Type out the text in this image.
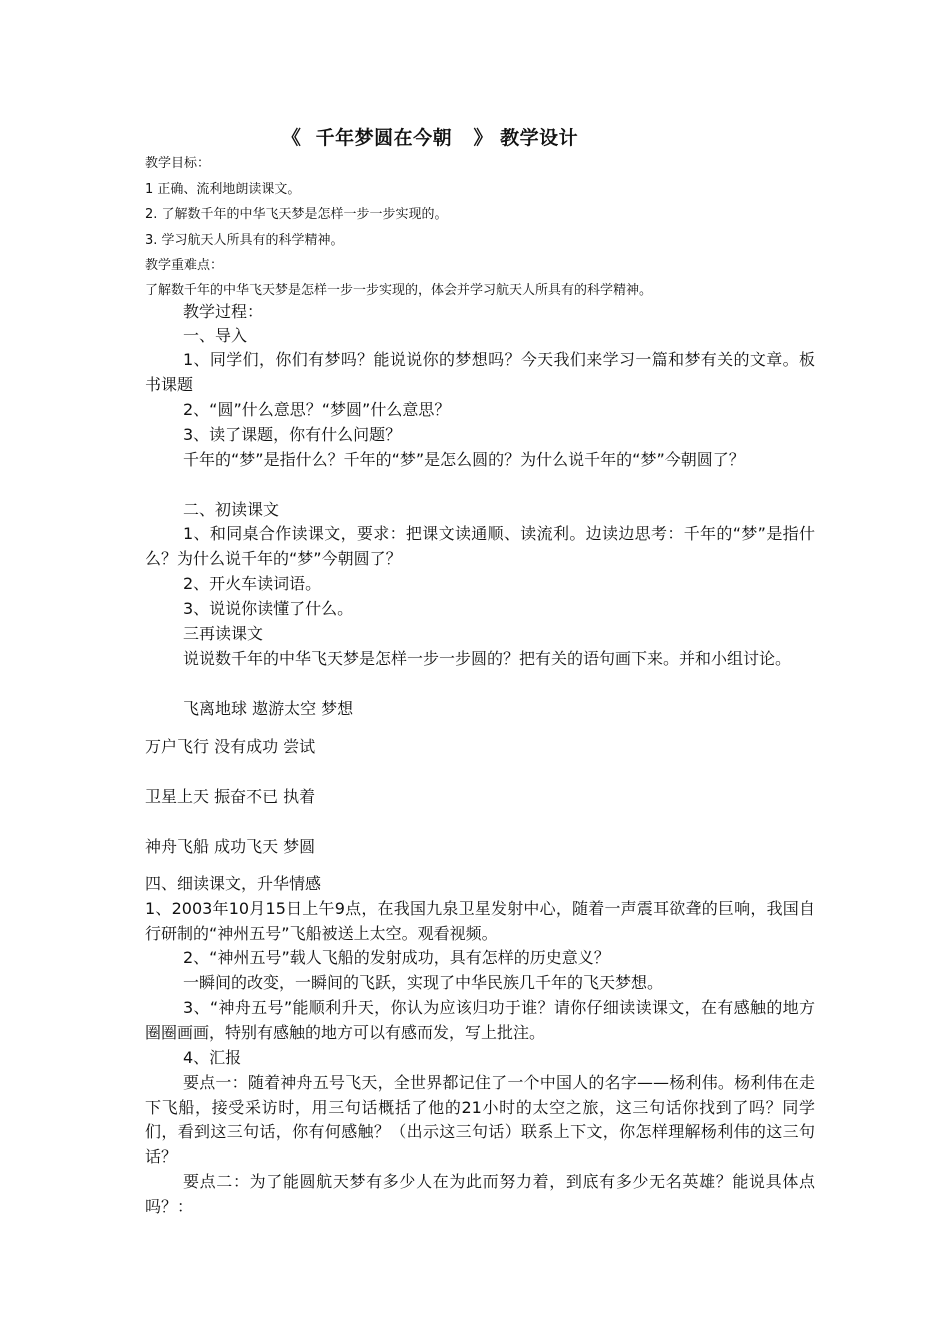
《  千年梦圆在今朝   》 教学设计
教学目标：
1 正确、流利地朗读课文。
2. 了解数千年的中华飞天梦是怎样一步一步实现的。
3. 学习航天人所具有的科学精神。
教学重难点：
了解数千年的中华飞天梦是怎样一步一步实现的，体会并学习航天人所具有的科学精神。
教学过程：
一、导入
1、同学们，你们有梦吗？能说说你的梦想吗？今天我们来学习一篇和梦有关的文章。板书课题
2、“圆”什么意思？“梦圆”什么意思？
3、读了课题，你有什么问题？
千年的“梦”是指什么？千年的“梦”是怎么圆的？为什么说千年的“梦”今朝圆了？
二、初读课文
1、和同桌合作读课文，要求：把课文读通顺、读流利。边读边思考：千年的“梦”是指什么？为什么说千年的“梦”今朝圆了？
2、开火车读词语。
3、说说你读懂了什么。
三再读课文
说说数千年的中华飞天梦是怎样一步一步圆的？把有关的语句画下来。并和小组讨论。
飞离地球 遨游太空 梦想
万户飞行 没有成功 尝试
卫星上天 振奋不已 执着
神舟飞船 成功飞天 梦圆
四、细读课文，升华情感
1、2003年10月15日上午9点，在我国九泉卫星发射中心，随着一声震耳欲聋的巨响，我国自行研制的“神州五号”飞船被送上太空。观看视频。
2、“神州五号”载人飞船的发射成功，具有怎样的历史意义？
一瞬间的改变，一瞬间的飞跃，实现了中华民族几千年的飞天梦想。
3、“神舟五号”能顺利升天，你认为应该归功于谁？请你仔细读读课文，在有感触的地方圈圈画画，特别有感触的地方可以有感而发，写上批注。
4、汇报
要点一：随着神舟五号飞天，全世界都记住了一个中国人的名字——杨利伟。杨利伟在走下飞船，接受采访时，用三句话概括了他的21小时的太空之旅，这三句话你找到了吗？同学们，看到这三句话，你有何感触？（出示这三句话）联系上下文，你怎样理解杨利伟的这三句话？
要点二：为了能圆航天梦有多少人在为此而努力着，到底有多少无名英雄？能说具体点吗？：
